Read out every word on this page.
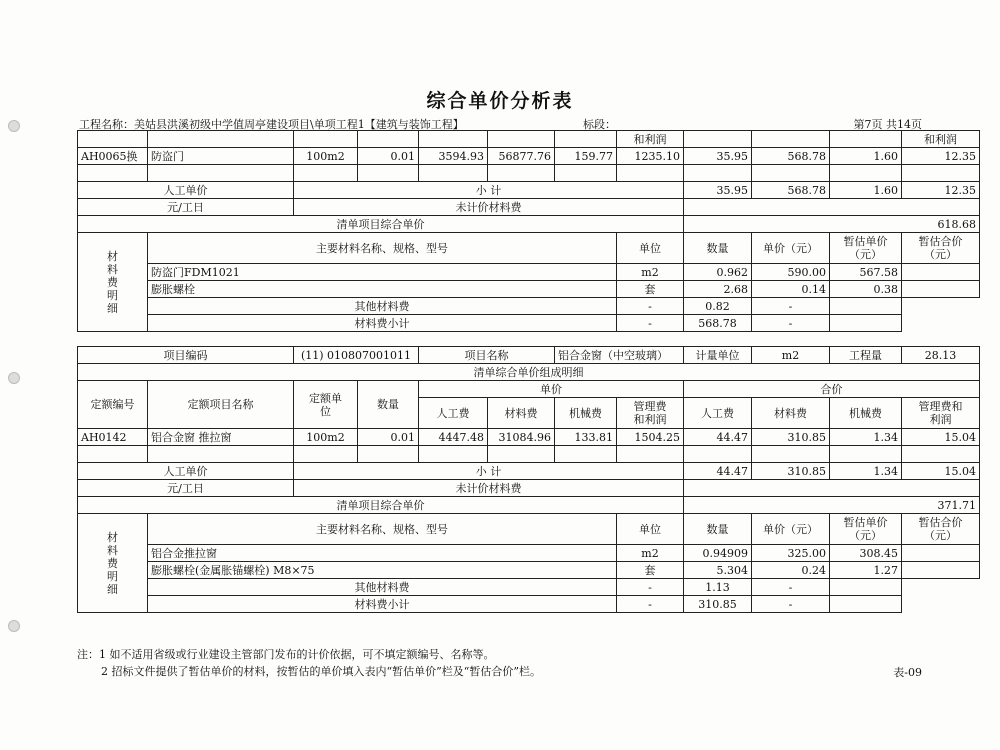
综合单价分析表
工程名称：美姑县洪溪初级中学值周亭建设项目\单项工程1【建筑与装饰工程】	标段：	第7页 共14页
							和利润				和利润
AH0065换	防盗门	100m2	0.01	3594.93	56877.76	159.77	1235.10	35.95	568.78	1.60	12.35

人工单价		小 计						35.95	568.78	1.60	12.35
元/工日		未计价材料费									
清单项目综合单价								618.68			
材料费明细	主要材料名称、规格、型号						单位	数量	单价（元）	暂估单价（元）	暂估合价（元）
	防盗门FDM1021						m2	0.962	590.00	567.58	
	膨胀螺栓						套	2.68	0.14	0.38	
	其他材料费						-	0.82	-		
	材料费小计						-	568.78	-		
项目编码		(11) 010807001011		项目名称		铝合金窗（中空玻璃）		计量单位	m2	工程量	28.13
清单综合单价组成明细											
定额编号	定额项目名称	定额单位	数量	单价				合价			
				人工费	材料费	机械费	管理费和利润	人工费	材料费	机械费	管理费和利润
AH0142	铝合金窗 推拉窗	100m2	0.01	4447.48	31084.96	133.81	1504.25	44.47	310.85	1.34	15.04

人工单价		小 计						44.47	310.85	1.34	15.04
元/工日		未计价材料费									
清单项目综合单价								371.71			
材料费明细	主要材料名称、规格、型号						单位	数量	单价（元）	暂估单价（元）	暂估合价（元）
	铝合金推拉窗						m2	0.94909	325.00	308.45	
	膨胀螺栓(金属胀锚螺栓) M8×75						套	5.304	0.24	1.27	
	其他材料费						-	1.13	-		
	材料费小计						-	310.85	-		
注：1 如不适用省级或行业建设主管部门发布的计价依据，可不填定额编号、名称等。
2 招标文件提供了暂估单价的材料，按暂估的单价填入表内“暂估单价”栏及“暂估合价”栏。	表-09
